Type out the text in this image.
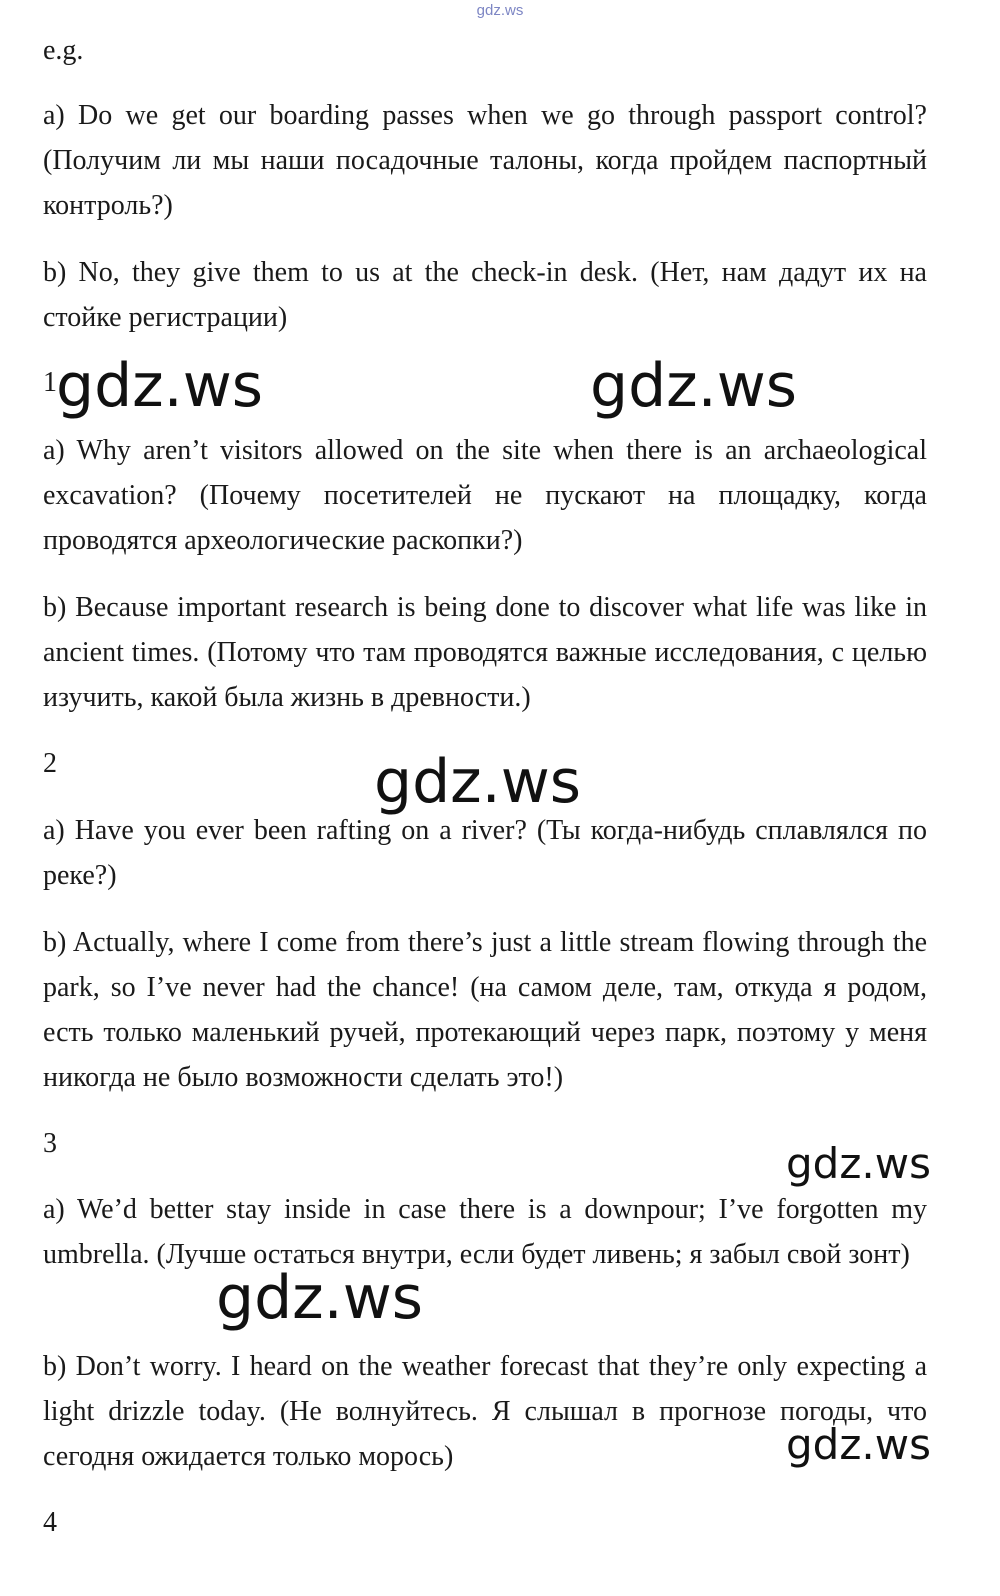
gdz.ws

e.g.

a) Do we get our boarding passes when we go through passport control? (Получим ли мы наши посадочные талоны, когда пройдем паспортный контроль?)

b) No, they give them to us at the check-in desk. (Нет, нам дадут их на стойке регистрации)

1

a) Why aren’t visitors allowed on the site when there is an archaeological excavation? (Почему посетителей не пускают на площадку, когда проводятся археологические раскопки?)

b) Because important research is being done to discover what life was like in ancient times. (Потому что там проводятся важные исследования, с целью изучить, какой была жизнь в древности.)

2

a) Have you ever been rafting on a river? (Ты когда-нибудь сплавлялся по реке?)

b) Actually, where I come from there’s just a little stream flowing through the park, so I’ve never had the chance! (на самом деле, там, откуда я родом, есть только маленький ручей, протекающий через парк, поэтому у меня никогда не было возможности сделать это!)

3

a) We’d better stay inside in case there is a downpour; I’ve forgotten my umbrella. (Лучше остаться внутри, если будет ливень; я забыл свой зонт)

b) Don’t worry. I heard on the weather forecast that they’re only expecting a light drizzle today. (Не волнуйтесь. Я слышал в прогнозе погоды, что сегодня ожидается только морось)

4

gdz.ws	gdz.ws
gdz.ws
gdz.ws
gdz.ws
gdz.ws
